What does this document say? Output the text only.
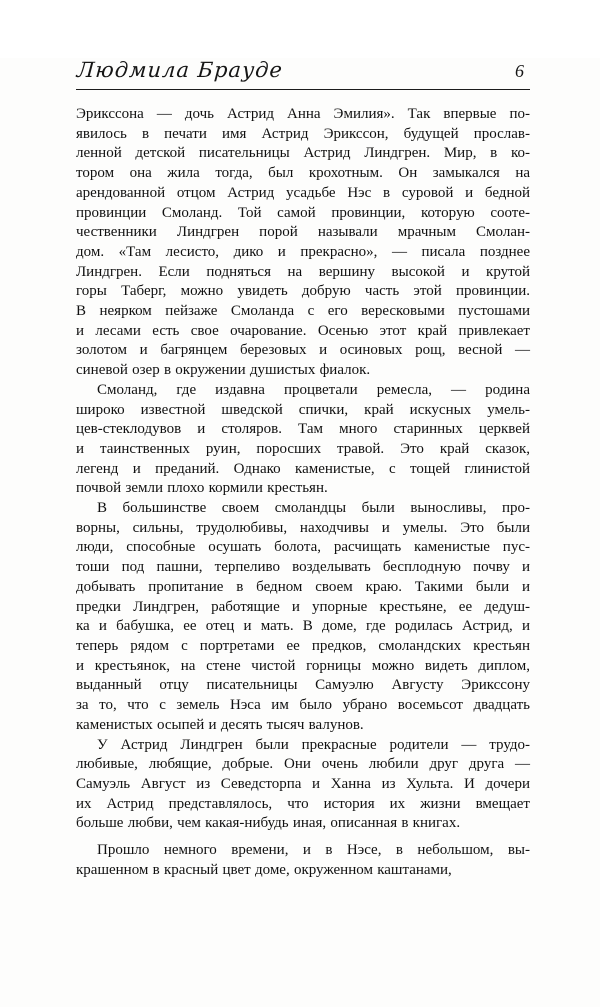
Людмила Брауде	6
Эрикссона — дочь Астрид Анна Эмилия». Так впервые по-
явилось в печати имя Астрид Эрикссон, будущей прослав-
ленной детской писательницы Астрид Линдгрен. Мир, в ко-
тором она жила тогда, был крохотным. Он замыкался на
арендованной отцом Астрид усадьбе Нэс в суровой и бедной
провинции Смоланд. Той самой провинции, которую сооте-
чественники Линдгрен порой называли мрачным Смолан-
дом. «Там лесисто, дико и прекрасно», — писала позднее
Линдгрен. Если подняться на вершину высокой и крутой
горы Таберг, можно увидеть добрую часть этой провинции.
В неярком пейзаже Смоланда с его вересковыми пустошами
и лесами есть свое очарование. Осенью этот край привлекает
золотом и багрянцем березовых и осиновых рощ, весной —
синевой озер в окружении душистых фиалок.
Смоланд, где издавна процветали ремесла, — родина
широко известной шведской спички, край искусных умель-
цев-стеклодувов и столяров. Там много старинных церквей
и таинственных руин, поросших травой. Это край сказок,
легенд и преданий. Однако каменистые, с тощей глинистой
почвой земли плохо кормили крестьян.
В большинстве своем смоландцы были выносливы, про-
ворны, сильны, трудолюбивы, находчивы и умелы. Это были
люди, способные осушать болота, расчищать каменистые пус-
тоши под пашни, терпеливо возделывать бесплодную почву и
добывать пропитание в бедном своем краю. Такими были и
предки Линдгрен, работящие и упорные крестьяне, ее дедуш-
ка и бабушка, ее отец и мать. В доме, где родилась Астрид, и
теперь рядом с портретами ее предков, смоландских крестьян
и крестьянок, на стене чистой горницы можно видеть диплом,
выданный отцу писательницы Самуэлю Августу Эрикссону
за то, что с земель Нэса им было убрано восемьсот двадцать
каменистых осыпей и десять тысяч валунов.
У Астрид Линдгрен были прекрасные родители — трудо-
любивые, любящие, добрые. Они очень любили друг друга —
Самуэль Август из Севедсторпа и Ханна из Хульта. И дочери
их Астрид представлялось, что история их жизни вмещает
больше любви, чем какая-нибудь иная, описанная в книгах.
Прошло немного времени, и в Нэсе, в небольшом, вы-
крашенном в красный цвет доме, окруженном каштанами,
